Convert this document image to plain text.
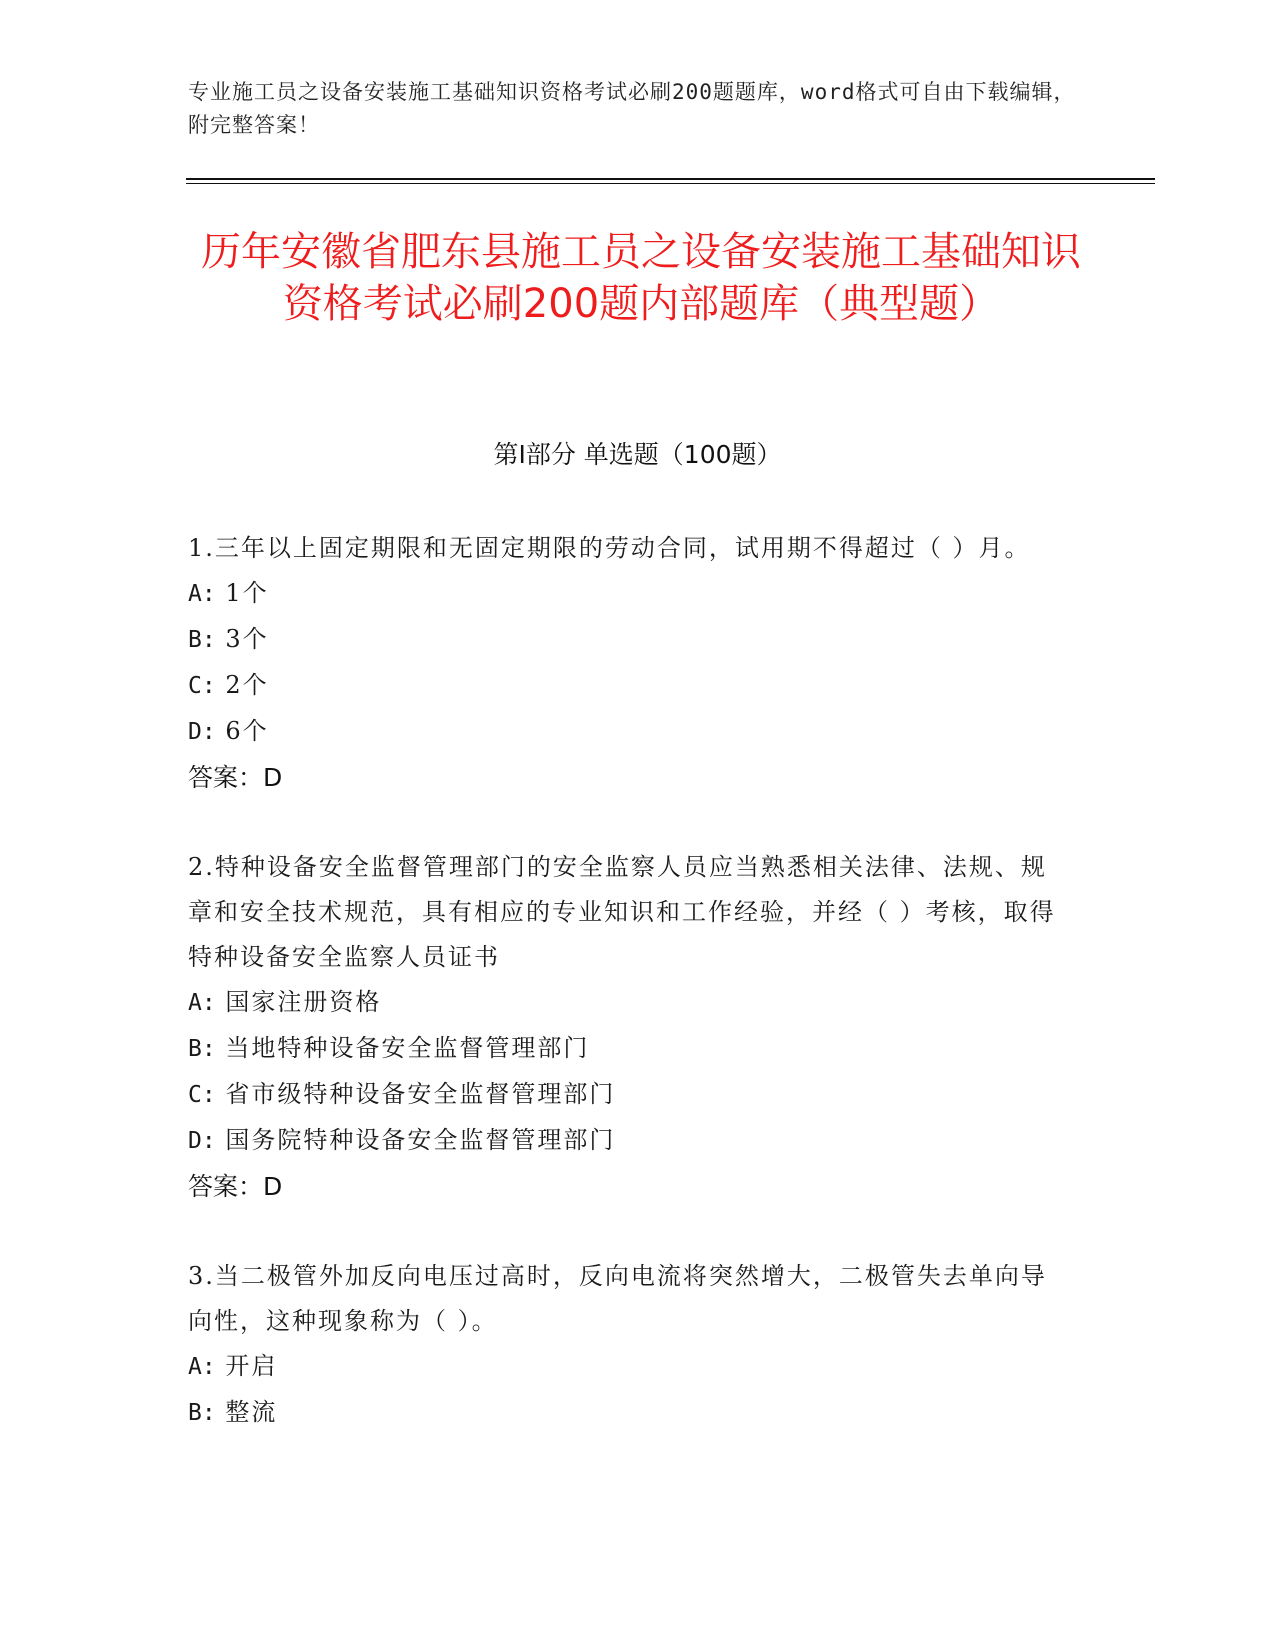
专业施工员之设备安装施工基础知识资格考试必刷200题题库，word格式可自由下载编辑，附完整答案！
历年安徽省肥东县施工员之设备安装施工基础知识资格考试必刷200题内部题库（典型题）
第Ⅰ部分 单选题（100题）
1.三年以上固定期限和无固定期限的劳动合同，试用期不得超过（ ）月。
A: 1个
B: 3个
C: 2个
D: 6个
答案：D
2.特种设备安全监督管理部门的安全监察人员应当熟悉相关法律、法规、规章和安全技术规范，具有相应的专业知识和工作经验，并经（ ）考核，取得特种设备安全监察人员证书
A: 国家注册资格
B: 当地特种设备安全监督管理部门
C: 省市级特种设备安全监督管理部门
D: 国务院特种设备安全监督管理部门
答案：D
3.当二极管外加反向电压过高时，反向电流将突然增大，二极管失去单向导向性，这种现象称为（ ）。
A: 开启
B: 整流
